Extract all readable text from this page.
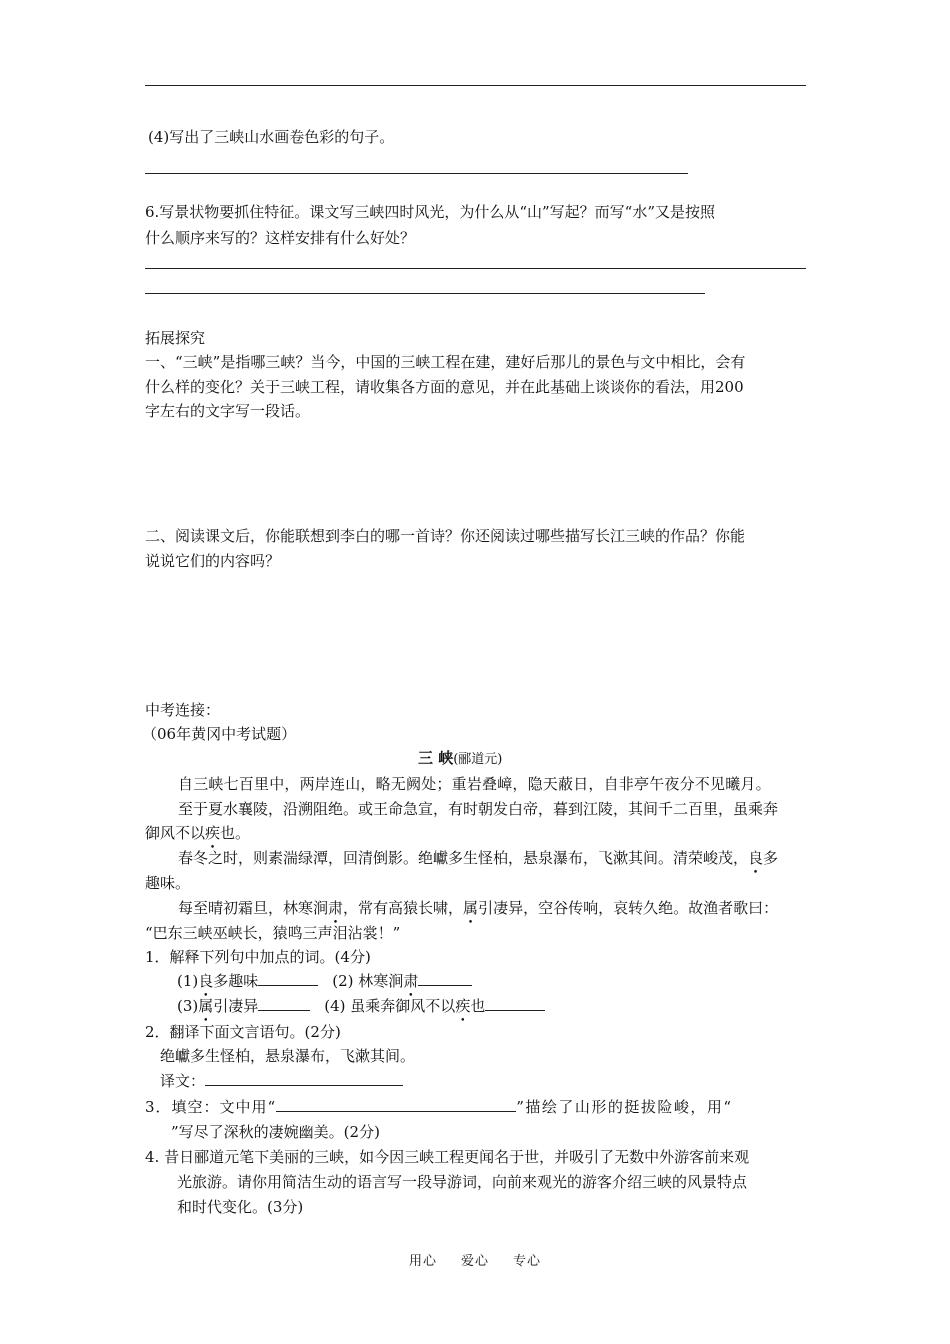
(4)写出了三峡山水画卷色彩的句子。
6.写景状物要抓住特征。课文写三峡四时风光，为什么从“山”写起？而写“水”又是按照
什么顺序来写的？这样安排有什么好处？
拓展探究
一、“三峡”是指哪三峡？当今，中国的三峡工程在建，建好后那儿的景色与文中相比，会有
什么样的变化？关于三峡工程，请收集各方面的意见，并在此基础上谈谈你的看法，用200
字左右的文字写一段话。
二、阅读课文后，你能联想到李白的哪一首诗？你还阅读过哪些描写长江三峡的作品？你能
说说它们的内容吗？
中考连接：
（06年黄冈中考试题）
三 峡(郦道元)
自三峡七百里中，两岸连山，略无阙处；重岩叠嶂，隐天蔽日，自非亭午夜分不见曦月。
至于夏水襄陵，沿溯阻绝。或王命急宣，有时朝发白帝，暮到江陵，其间千二百里，虽乘奔
御风不以疾也。
春冬之时，则素湍绿潭，回清倒影。绝巘多生怪柏，悬泉瀑布，飞漱其间。清荣峻茂，良多
趣味。
每至晴初霜旦，林寒涧肃，常有高猿长啸，属引凄异，空谷传响，哀转久绝。故渔者歌曰：
“巴东三峡巫峡长，猿鸣三声泪沾裳！”
1．解释下列句中加点的词。(4分)
(1)良多趣味	(2) 林寒涧肃
(3)属引凄异	(4) 虽乘奔御风不以疾也
2．翻译下面文言语句。(2分)
绝巘多生怪柏，悬泉瀑布，飞漱其间。
译文：
3．填空：文中用“	”描绘了山形的挺拔险峻，用“
”写尽了深秋的凄婉幽美。(2分)
4. 昔日郦道元笔下美丽的三峡，如今因三峡工程更闻名于世，并吸引了无数中外游客前来观
光旅游。请你用简洁生动的语言写一段导游词，向前来观光的游客介绍三峡的风景特点
和时代变化。(3分)
用心 爱心 专心
